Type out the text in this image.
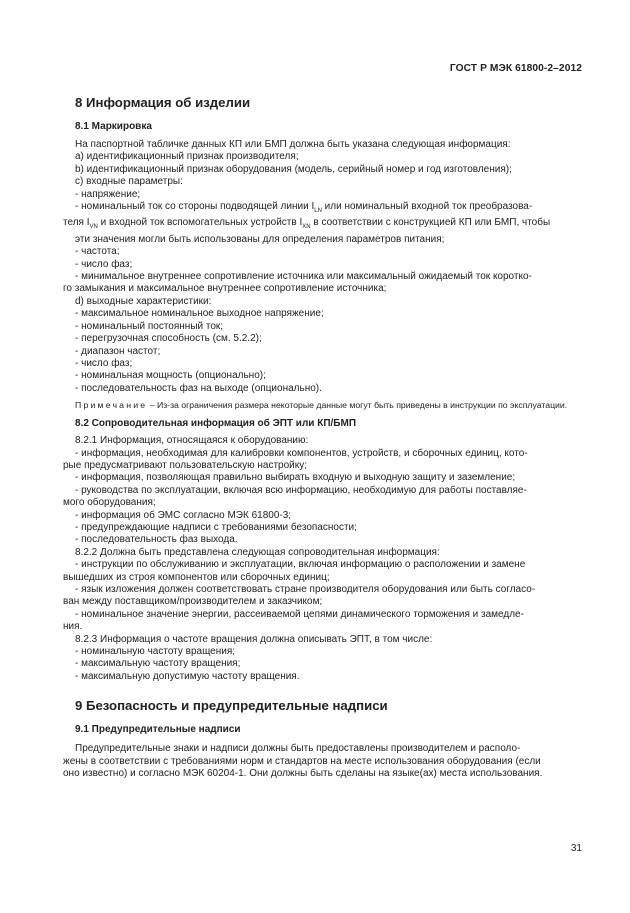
ГОСТ Р МЭК 61800-2–2012
8 Информация об изделии
8.1 Маркировка

На паспортной табличке данных КП или БМП должна быть указана следующая информация:

а) идентификационный признак производителя;

b) идентификационный признак оборудования (модель, серийный номер и год изготовления);

c) входные параметры:

- напряжение;

- номинальный ток со стороны подводящей линии $I_{LN}$ или номинальный входной ток преобразова-

теля $I_{VN}$ и входной ток вспомогательных устройств $I_{XN}$ в соответствии с конструкцией КП или БМП, чтобы

эти значения могли быть использованы для определения параметров питания;

- частота;

- число фаз;

- минимальное внутреннее сопротивление источника или максимальный ожидаемый ток коротко-

го замыкания и максимальное внутреннее сопротивление источника;

d) выходные характеристики:

- максимальное номинальное выходное напряжение;

- номинальный постоянный ток;

- перегрузочная способность (см. 5.2.2);

- диапазон частот;

- число фаз;

- номинальная мощность (опционально);

- последовательность фаз на выходе (опционально).

Примечание – Из-за ограничения размера некоторые данные могут быть приведены в инструкции по эксплуатации.

8.2 Сопроводительная информация об ЭПТ или КП/БМП

8.2.1 Информация, относящаяся к оборудованию:

- информация, необходимая для калибровки компонентов, устройств, и сборочных единиц, кото-

рые предусматривают пользовательскую настройку;

- информация, позволяющая правильно выбирать входную и выходную защиту и заземление;

- руководства по эксплуатации, включая всю информацию, необходимую для работы поставляе-

мого оборудования;

- информация об ЭМС согласно МЭК 61800-3;

- предупреждающие надписи с требованиями безопасности;

- последовательность фаз выхода.

8.2.2 Должна быть представлена следующая сопроводительная информация:

- инструкции по обслуживанию и эксплуатации, включая информацию о расположении и замене

вышедших из строя компонентов или сборочных единиц;

- язык изложения должен соответствовать стране производителя оборудования или быть согласо-

ван между поставщиком/производителем и заказчиком;

- номинальное значение энергии, рассеиваемой цепями динамического торможения и замедле-

ния.

8.2.3 Информация о частоте вращения должна описывать ЭПТ, в том числе:

- номинальную частоту вращения;

- максимальную частоту вращения;

- максимальную допустимую частоту вращения.

9 Безопасность и предупредительные надписи
9.1 Предупредительные надписи

Предупредительные знаки и надписи должны быть предоставлены производителем и располо-

жены в соответствии с требованиями норм и стандартов на месте использования оборудования (если

оно известно) и согласно МЭК 60204-1. Они должны быть сделаны на языке(ах) места использования.

31
